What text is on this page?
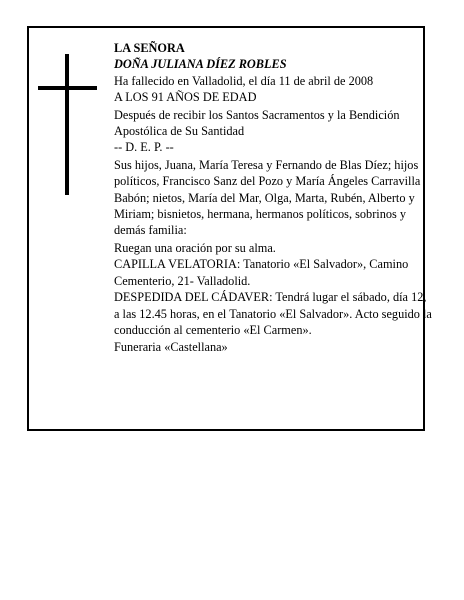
LA SEÑORA

DOÑA JULIANA DÍEZ ROBLES

Ha fallecido en Valladolid, el día 11 de abril de 2008

A LOS 91 AÑOS DE EDAD

Después de recibir los Santos Sacramentos y la Bendición Apostólica de Su Santidad

-- D. E. P. --

Sus hijos, Juana, María Teresa y Fernando de Blas Díez; hijos políticos, Francisco Sanz del Pozo y María Ángeles Carravilla Babón; nietos, María del Mar, Olga, Marta, Rubén, Alberto y Miriam; bisnietos, hermana, hermanos políticos, sobrinos y demás familia:

Ruegan una oración por su alma.

CAPILLA VELATORIA: Tanatorio «El Salvador», Camino Cementerio, 21- Valladolid.

DESPEDIDA DEL CÁDAVER: Tendrá lugar el sábado, día 12, a las 12.45 horas, en el Tanatorio «El Salvador». Acto seguido la conducción al cementerio «El Carmen».

Funeraria «Castellana»
